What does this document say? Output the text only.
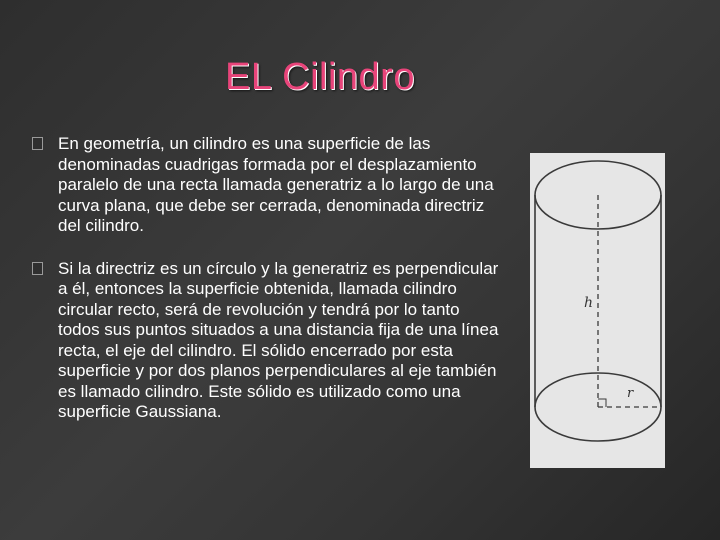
EL Cilindro
En geometría, un cilindro es una superficie de las denominadas cuadrigas formada por el desplazamiento paralelo de una recta llamada generatriz a lo largo de una curva plana, que debe ser cerrada, denominada directriz del cilindro.
Si la directriz es un círculo y la generatriz es perpendicular a él, entonces la superficie obtenida, llamada cilindro circular recto, será de revolución y tendrá por lo tanto todos sus puntos situados a una distancia fija de una línea recta, el eje del cilindro. El sólido encerrado por esta superficie y por dos planos perpendiculares al eje también es llamado cilindro. Este sólido es utilizado como una superficie Gaussiana.
h
r
